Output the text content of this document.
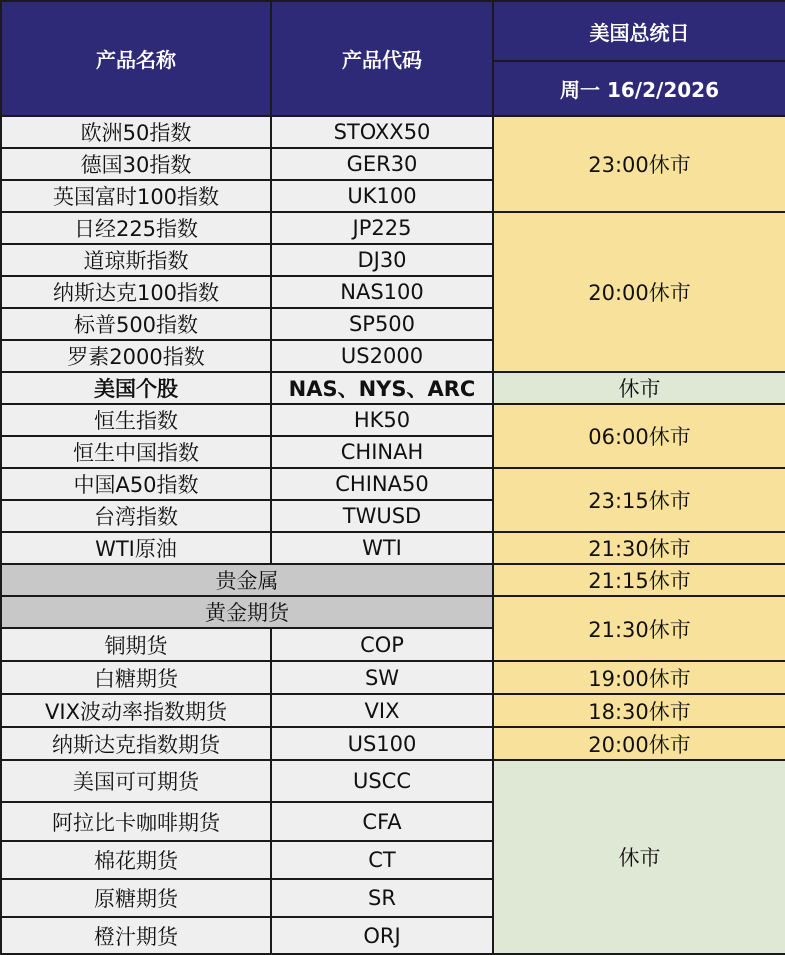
产品名称	产品代码	美国总统日
		周一 16/2/2026
欧洲50指数	STOXX50	23:00休市
德国30指数	GER30	
英国富时100指数	UK100	
日经225指数	JP225	20:00休市
道琼斯指数	DJ30	
纳斯达克100指数	NAS100	
标普500指数	SP500	
罗素2000指数	US2000	
美国个股	NAS、NYS、ARC	休市
恒生指数	HK50	06:00休市
恒生中国指数	CHINAH	
中国A50指数	CHINA50	23:15休市
台湾指数	TWUSD	
WTI原油	WTI	21:30休市
贵金属		21:15休市
黄金期货		21:30休市
铜期货	COP	
白糖期货	SW	19:00休市
VIX波动率指数期货	VIX	18:30休市
纳斯达克指数期货	US100	20:00休市
美国可可期货	USCC	休市
阿拉比卡咖啡期货	CFA	
棉花期货	CT	
原糖期货	SR	
橙汁期货	ORJ	
